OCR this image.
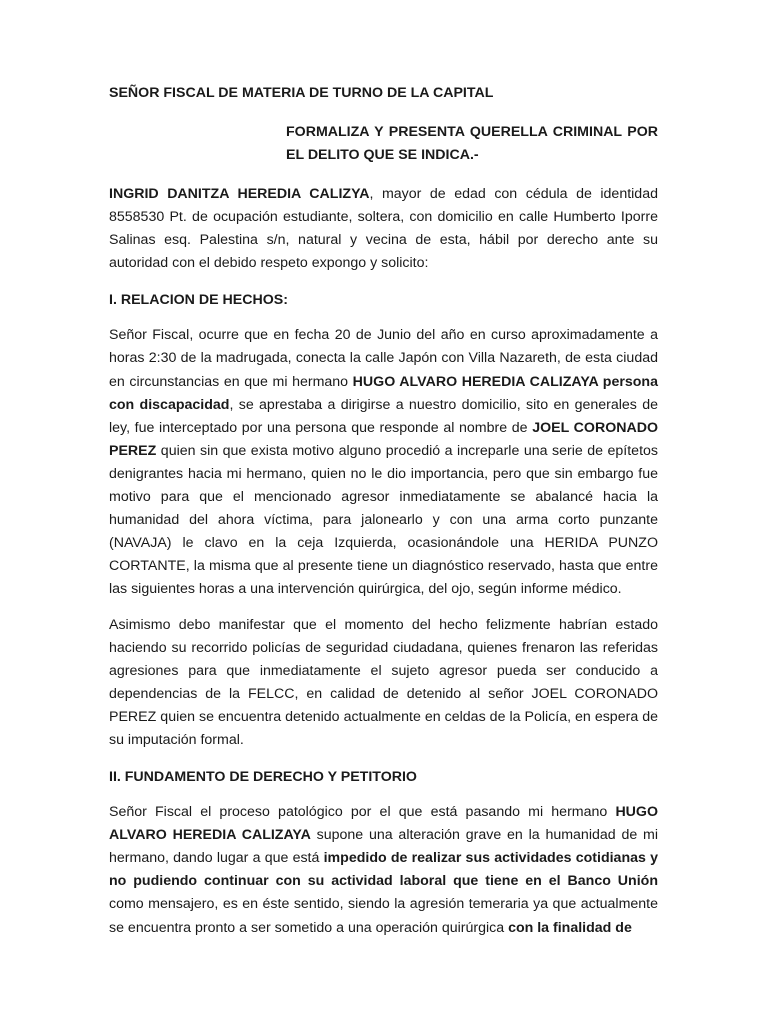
SEÑOR FISCAL DE MATERIA DE TURNO DE LA CAPITAL

FORMALIZA Y PRESENTA QUERELLA CRIMINAL POR EL DELITO QUE SE INDICA.-

INGRID DANITZA HEREDIA CALIZYA, mayor de edad con cédula de identidad 8558530 Pt. de ocupación estudiante, soltera, con domicilio en calle Humberto Iporre Salinas esq. Palestina s/n, natural y vecina de esta, hábil por derecho ante su autoridad con el debido respeto expongo y solicito:

I. RELACION DE HECHOS:

Señor Fiscal, ocurre que en fecha 20 de Junio del año en curso aproximadamente a horas 2:30 de la madrugada, conecta la calle Japón con Villa Nazareth, de esta ciudad en circunstancias en que mi hermano HUGO ALVARO HEREDIA CALIZAYA persona con discapacidad, se aprestaba a dirigirse a nuestro domicilio, sito en generales de ley, fue interceptado por una persona que responde al nombre de JOEL CORONADO PEREZ quien sin que exista motivo alguno procedió a increparle una serie de epítetos denigrantes hacia mi hermano, quien no le dio importancia, pero que sin embargo fue motivo para que el mencionado agresor inmediatamente se abalancé hacia la humanidad del ahora víctima, para jalonearlo y con una arma corto punzante (NAVAJA) le clavo en la ceja Izquierda, ocasionándole una HERIDA PUNZO CORTANTE, la misma que al presente tiene un diagnóstico reservado, hasta que entre las siguientes horas a una intervención quirúrgica, del ojo, según informe médico.

Asimismo debo manifestar que el momento del hecho felizmente habrían estado haciendo su recorrido policías de seguridad ciudadana, quienes frenaron las referidas agresiones para que inmediatamente el sujeto agresor pueda ser conducido a dependencias de la FELCC, en calidad de detenido al señor JOEL CORONADO PEREZ quien se encuentra detenido actualmente en celdas de la Policía, en espera de su imputación formal.

II. FUNDAMENTO DE DERECHO Y PETITORIO

Señor Fiscal el proceso patológico por el que está pasando mi hermano HUGO ALVARO HEREDIA CALIZAYA supone una alteración grave en la humanidad de mi hermano, dando lugar a que está impedido de realizar sus actividades cotidianas y no pudiendo continuar con su actividad laboral que tiene en el Banco Unión como mensajero, es en éste sentido, siendo la agresión temeraria ya que actualmente se encuentra pronto a ser sometido a una operación quirúrgica con la finalidad de
